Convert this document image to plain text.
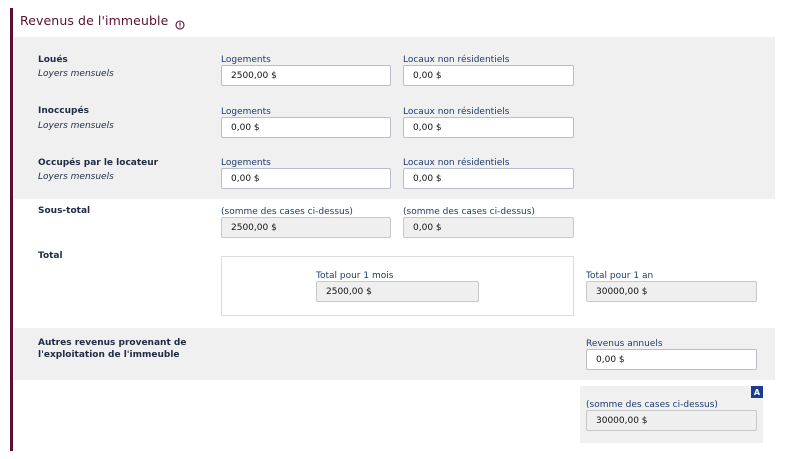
Revenus de l'immeuble
Loués
Loyers mensuels
Logements
2500,00 $
Locaux non résidentiels
0,00 $
Inoccupés
Loyers mensuels
Logements
0,00 $
Locaux non résidentiels
0,00 $
Occupés par le locateur
Loyers mensuels
Logements
0,00 $
Locaux non résidentiels
0,00 $
Sous-total	(somme des cases ci-dessus)
2500,00 $
(somme des cases ci-dessus)
0,00 $
Total
Total pour 1 mois
2500,00 $
Total pour 1 an
30000,00 $
Autres revenus provenant de
l'exploitation de l'immeuble
Revenus annuels
0,00 $
A
(somme des cases ci-dessus)
30000,00 $
